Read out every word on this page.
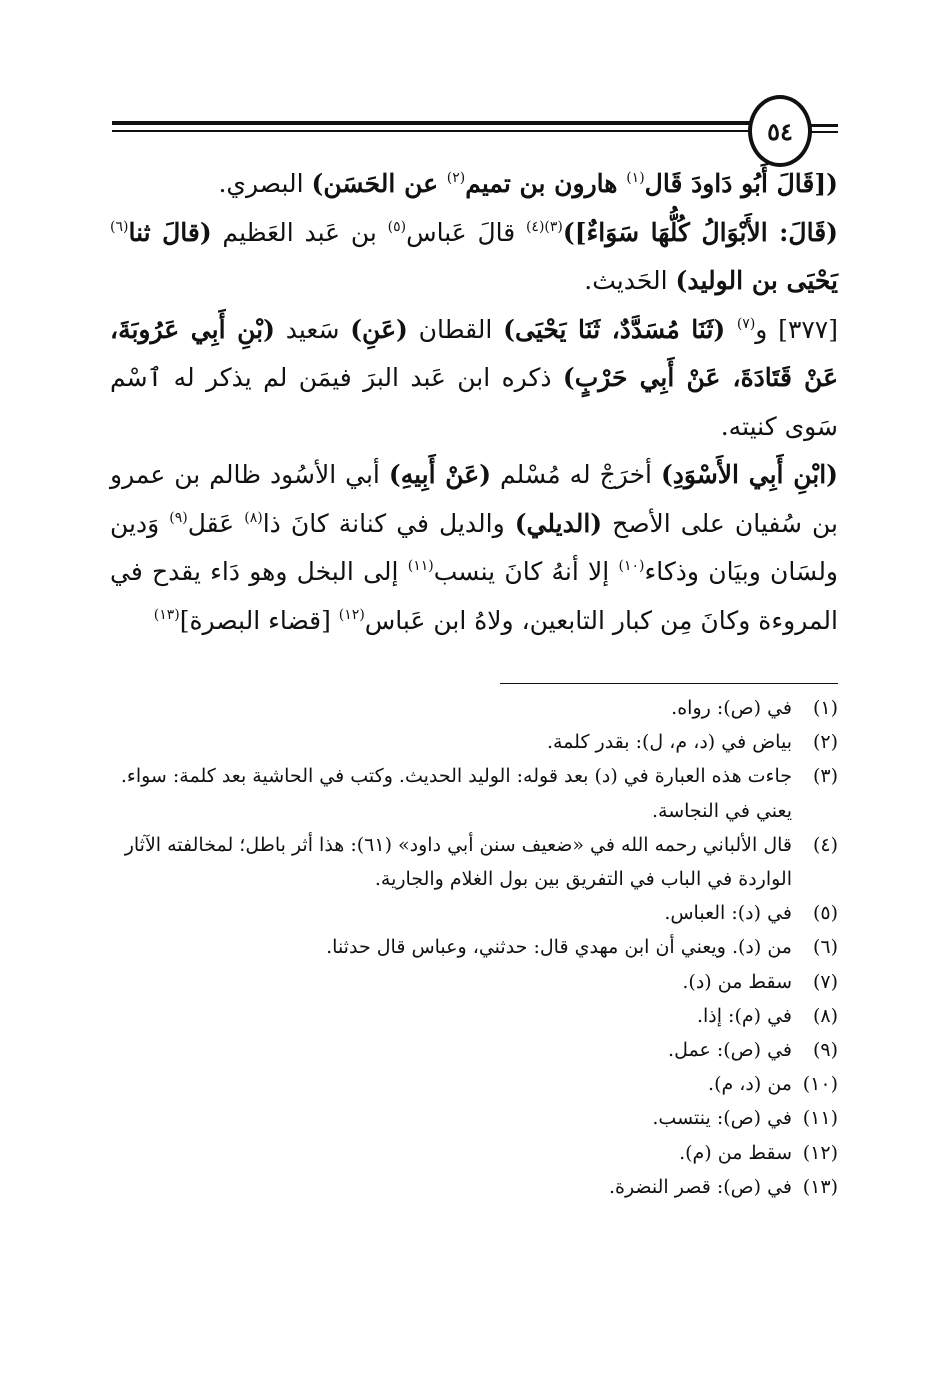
٥٤

([قَالَ أَبُو دَاودَ قَال$^{(١)}$ هارون بن تميم$^{(٢)}$ عن الحَسَن) البصري.

(قَالَ: الأَبْوَالُ كُلُّهَا سَوَاءٌ])$^{(٣)(٤)}$ قالَ عَباس$^{(٥)}$ بن عَبد العَظيم (قالَ ثنا$^{(٦)}$ يَحْيَى بن الوليد) الحَديث.

[٣٧٧] و$^{(٧)}$ (ثَنَا مُسَدَّدٌ، ثَنَا يَحْيَى) القطان (عَنِ) سَعيد (بْنِ أَبِي عَرُوبَةَ، عَنْ قَتَادَةَ، عَنْ أَبِي حَرْبٍ) ذكره ابن عَبد البرَ فيمَن لم يذكر له ٱسْم سَوى كنيته.

(ابْنِ أَبِي الأَسْوَدِ) أخرَجْ له مُسْلم (عَنْ أَبِيهِ) أبي الأسُود ظالم بن عمرو بن سُفيان على الأصح (الديلي) والديل في كنانة كانَ ذا$^{(٨)}$ عَقل$^{(٩)}$ وَدين ولسَان وبيَان وذكاء$^{(١٠)}$ إلا أنهُ كانَ ينسب$^{(١١)}$ إلى البخل وهو دَاء يقدح في المروءة وكانَ مِن كبار التابعين، ولاهُ ابن عَباس$^{(١٢)}$ [قضاء البصرة]$^{(١٣)}$

(١)
في (ص): رواه.
(٢)
بياض في (د، م، ل): بقدر كلمة.
(٣)
جاءت هذه العبارة في (د) بعد قوله: الوليد الحديث. وكتب في الحاشية بعد كلمة: سواء. يعني في النجاسة.
(٤)
قال الألباني رحمه الله في «ضعيف سنن أبي داود» (٦١): هذا أثر باطل؛ لمخالفته الآثار الواردة في الباب في التفريق بين بول الغلام والجارية.
(٥)
في (د): العباس.
(٦)
من (د). ويعني أن ابن مهدي قال: حدثني، وعباس قال حدثنا.
(٧)
سقط من (د).
(٨)
في (م): إذا.
(٩)
في (ص): عمل.
(١٠)
من (د، م).
(١١)
في (ص): ينتسب.
(١٢)
سقط من (م).
(١٣)
في (ص): قصر النضرة.
